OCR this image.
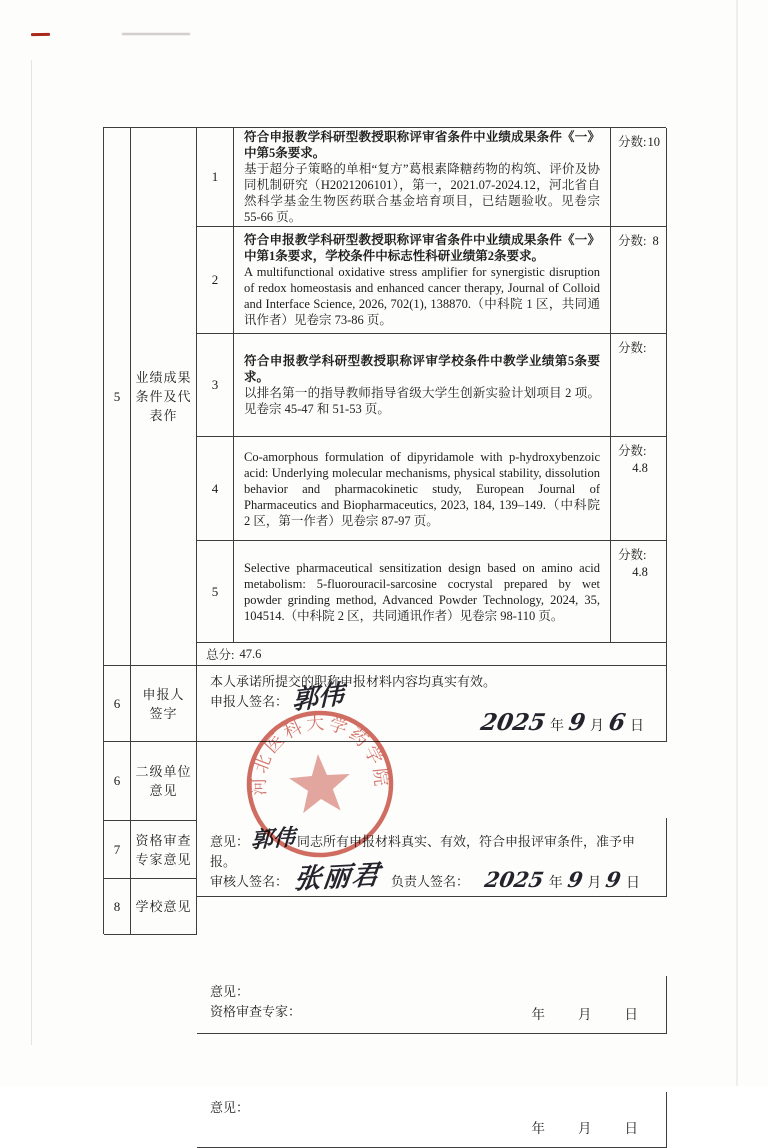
5
业绩成果
条件及代
表作
1

符合申报教学科研型教授职称评审省条件中业绩成果条件《一》中第5条要求。

基于超分子策略的单相“复方”葛根素降糖药物的构筑、评价及协同机制研究（H2021206101），第一，2021.07-2024.12，河北省自然科学基金生物医药联合基金培育项目，已结题验收。见卷宗 55-66 页。

分数:10
2

符合申报教学科研型教授职称评审省条件中业绩成果条件《一》中第1条要求，学校条件中标志性科研业绩第2条要求。

A multifunctional oxidative stress amplifier for synergistic disruption of redox homeostasis and enhanced cancer therapy, Journal of Colloid and Interface Science, 2026, 702(1), 138870.（中科院 1 区，共同通讯作者）见卷宗 73-86 页。

分数: 8
3

符合申报教学科研型教授职称评审学校条件中教学业绩第5条要求。

以排名第一的指导教师指导省级大学生创新实验计划项目 2 项。见卷宗 45-47 和 51-53 页。

分数:
4

Co-amorphous formulation of dipyridamole with p-hydroxybenzoic acid: Underlying molecular mechanisms, physical stability, dissolution behavior and pharmacokinetic study, European Journal of Pharmaceutics and Biopharmaceutics, 2023, 184, 139–149.（中科院 2 区，第一作者）见卷宗 87-97 页。

分数:
4.8
5

Selective pharmaceutical sensitization design based on amino acid metabolism: 5-fluorouracil-sarcosine cocrystal prepared by wet powder grinding method, Advanced Powder Technology, 2024, 35, 104514.（中科院 2 区，共同通讯作者）见卷宗 98-110 页。

分数:
4.8
总分: 47.6
6
申报人
签字

本人承诺所提交的职称申报材料内容均真实有效。

申报人签名： 郭伟

2025 年 9 月 6 日
6
二级单位
意见

意见：郭伟 同志所有申报材料真实、有效，符合申报评审条件，准予申报。

审核人签名： 张丽君 负责人签名： 2025 年 9 月 9 日
7
资格审查
专家意见

意见：

资格审查专家：	年 月 日
8 学校意见

意见：

年 月 日
河北医科大学药学院
